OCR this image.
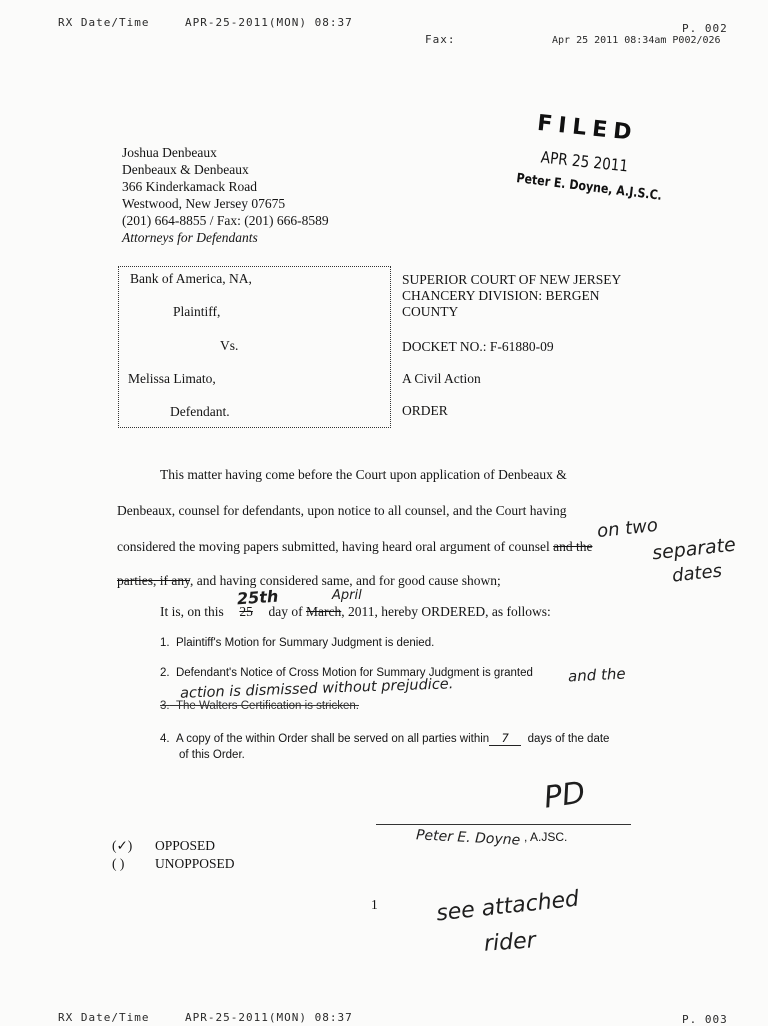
RX Date/Time	APR-25-2011(MON) 08:37	P. 002
Fax:	Apr 25 2011 08:34am P002/026
FILED
APR 25 2011
Peter E. Doyne, A.J.S.C.
Joshua Denbeaux
Denbeaux & Denbeaux
366 Kinderkamack Road
Westwood, New Jersey 07675
(201) 664-8855 / Fax: (201) 666-8589
Attorneys for Defendants
Bank of America, NA,
Plaintiff,
Vs.
Melissa Limato,
Defendant.
SUPERIOR COURT OF NEW JERSEY
CHANCERY DIVISION: BERGEN
COUNTY
DOCKET NO.: F-61880-09
A Civil Action
ORDER
This matter having come before the Court upon application of Denbeaux &
Denbeaux, counsel for defendants, upon notice to all counsel, and the Court having
considered the moving papers submitted, having heard oral argument of counsel and the
parties, if any, and having considered same, and for good cause shown;
on two
separate
dates
It is, on this 25 day of March, 2011, hereby ORDERED, as follows:
25th	April
1. Plaintiff's Motion for Summary Judgment is denied.
2. Defendant's Notice of Cross Motion for Summary Judgment is granted and the
action is dismissed without prejudice.
3. The Walters Certification is stricken.
4. A copy of the within Order shall be served on all parties within 7 days of the date
of this Order.
PD
Peter E. Doyne , A.JSC.
(✓) OPPOSED
( ) UNOPPOSED
1	see attached
rider
RX Date/Time	APR-25-2011(MON) 08:37	P. 003
